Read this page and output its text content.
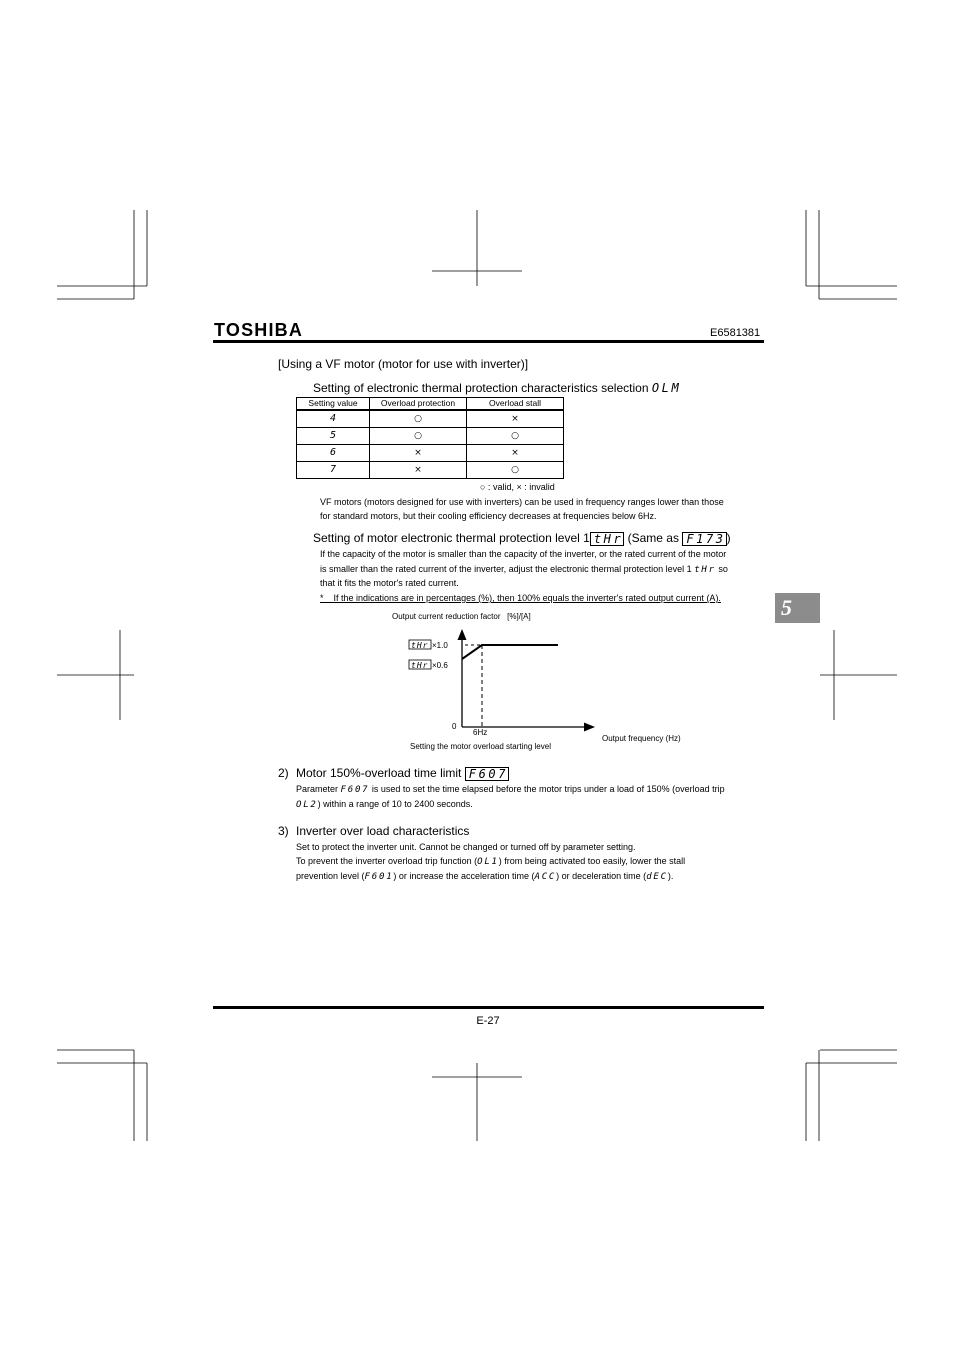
TOSHIBA	E6581381
5
[Using a VF motor (motor for use with inverter)]
Setting of electronic thermal protection characteristics selection OLM
Setting value	Overload protection	Overload stall
4	○	×
5	○	○
6	×	×
7	×	○
○ : valid, × : invalid
VF motors (motors designed for use with inverters) can be used in frequency ranges lower than those
for standard motors, but their cooling efficiency decreases at frequencies below 6Hz.
Setting of motor electronic thermal protection level 1 tHr (Same as F173)
If the capacity of the motor is smaller than the capacity of the inverter, or the rated current of the motor
is smaller than the rated current of the inverter, adjust the electronic thermal protection level 1 tHr so
that it fits the motor's rated current.
*    If the indications are in percentages (%), then 100% equals the inverter's rated output current (A).
Output current reduction factor   [%]/[A]
tHr ×1.0
tHr ×0.6
0
6Hz
Output frequency (Hz)
Setting the motor overload starting level
2) Motor 150%-overload time limit F607
Parameter F607 is used to set the time elapsed before the motor trips under a load of 150% (overload trip
OL2) within a range of 10 to 2400 seconds.
3) Inverter over load characteristics
Set to protect the inverter unit. Cannot be changed or turned off by parameter setting.
To prevent the inverter overload trip function (OL1) from being activated too easily, lower the stall
prevention level (F601) or increase the acceleration time (ACC) or deceleration time (dEC).
E-27
